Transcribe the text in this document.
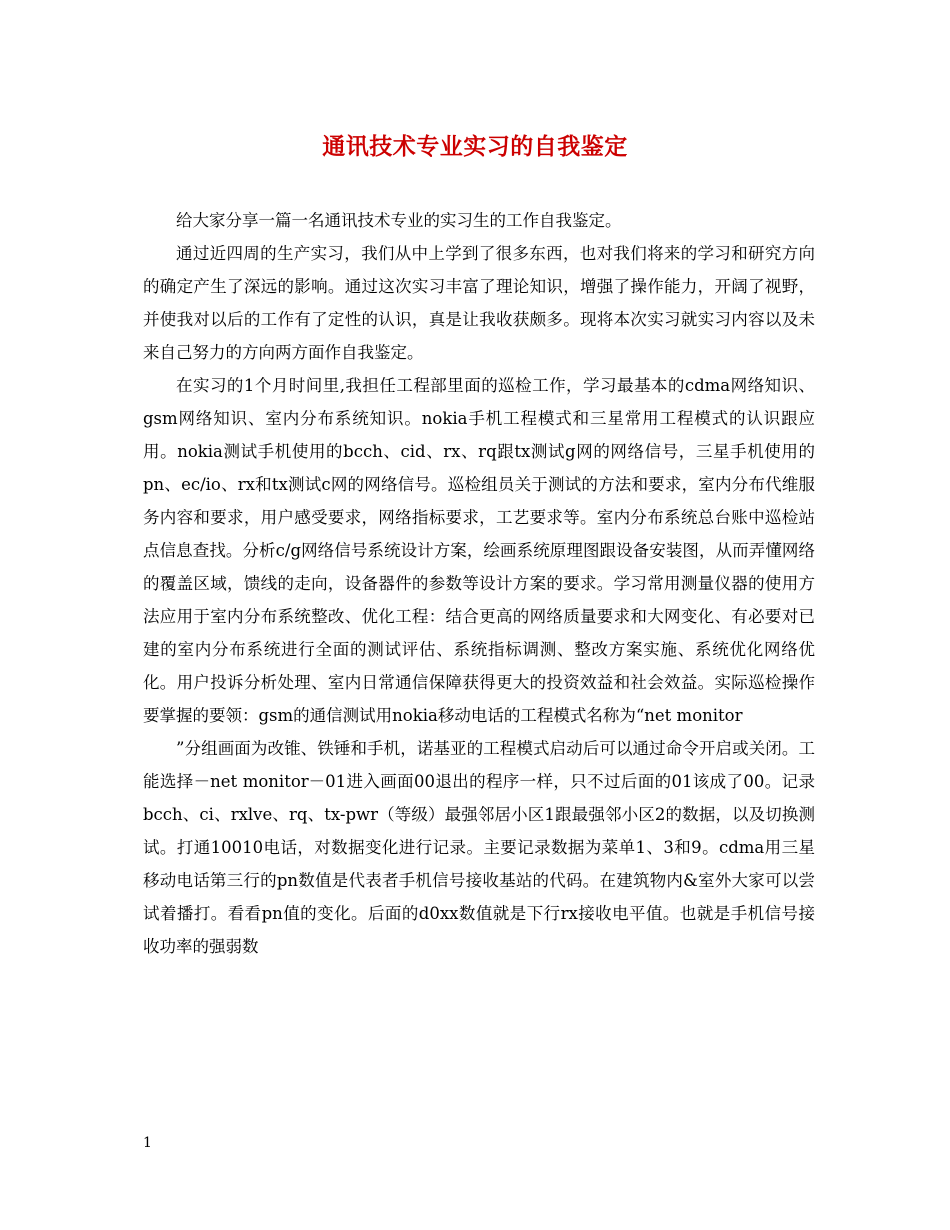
通讯技术专业实习的自我鉴定

给大家分享一篇一名通讯技术专业的实习生的工作自我鉴定。

通过近四周的生产实习，我们从中上学到了很多东西，也对我们将来的学习和研究方向的确定产生了深远的影响。通过这次实习丰富了理论知识，增强了操作能力，开阔了视野，并使我对以后的工作有了定性的认识，真是让我收获颇多。现将本次实习就实习内容以及未来自己努力的方向两方面作自我鉴定。

在实习的1个月时间里,我担任工程部里面的巡检工作，学习最基本的cdma网络知识、gsm网络知识、室内分布系统知识。nokia手机工程模式和三星常用工程模式的认识跟应用。nokia测试手机使用的bcch、cid、rx、rq跟tx测试g网的网络信号，三星手机使用的pn、ec/io、rx和tx测试c网的网络信号。巡检组员关于测试的方法和要求，室内分布代维服务内容和要求，用户感受要求，网络指标要求，工艺要求等。室内分布系统总台账中巡检站点信息查找。分析c/g网络信号系统设计方案，绘画系统原理图跟设备安装图，从而弄懂网络的覆盖区域，馈线的走向，设备器件的参数等设计方案的要求。学习常用测量仪器的使用方法应用于室内分布系统整改、优化工程：结合更高的网络质量要求和大网变化、有必要对已建的室内分布系统进行全面的测试评估、系统指标调测、整改方案实施、系统优化网络优化。用户投诉分析处理、室内日常通信保障获得更大的投资效益和社会效益。实际巡检操作要掌握的要领：gsm的通信测试用nokia移动电话的工程模式名称为“net monitor

”分组画面为改锥、铁锤和手机，诺基亚的工程模式启动后可以通过命令开启或关闭。工能选择－net monitor－01进入画面00退出的程序一样，只不过后面的01该成了00。记录bcch、ci、rxlve、rq、tx-pwr（等级）最强邻居小区1跟最强邻小区2的数据，以及切换测试。打通10010电话，对数据变化进行记录。主要记录数据为菜单1、3和9。cdma用三星移动电话第三行的pn数值是代表者手机信号接收基站的代码。在建筑物内&室外大家可以尝试着播打。看看pn值的变化。后面的d0xx数值就是下行rx接收电平值。也就是手机信号接收功率的强弱数

1
